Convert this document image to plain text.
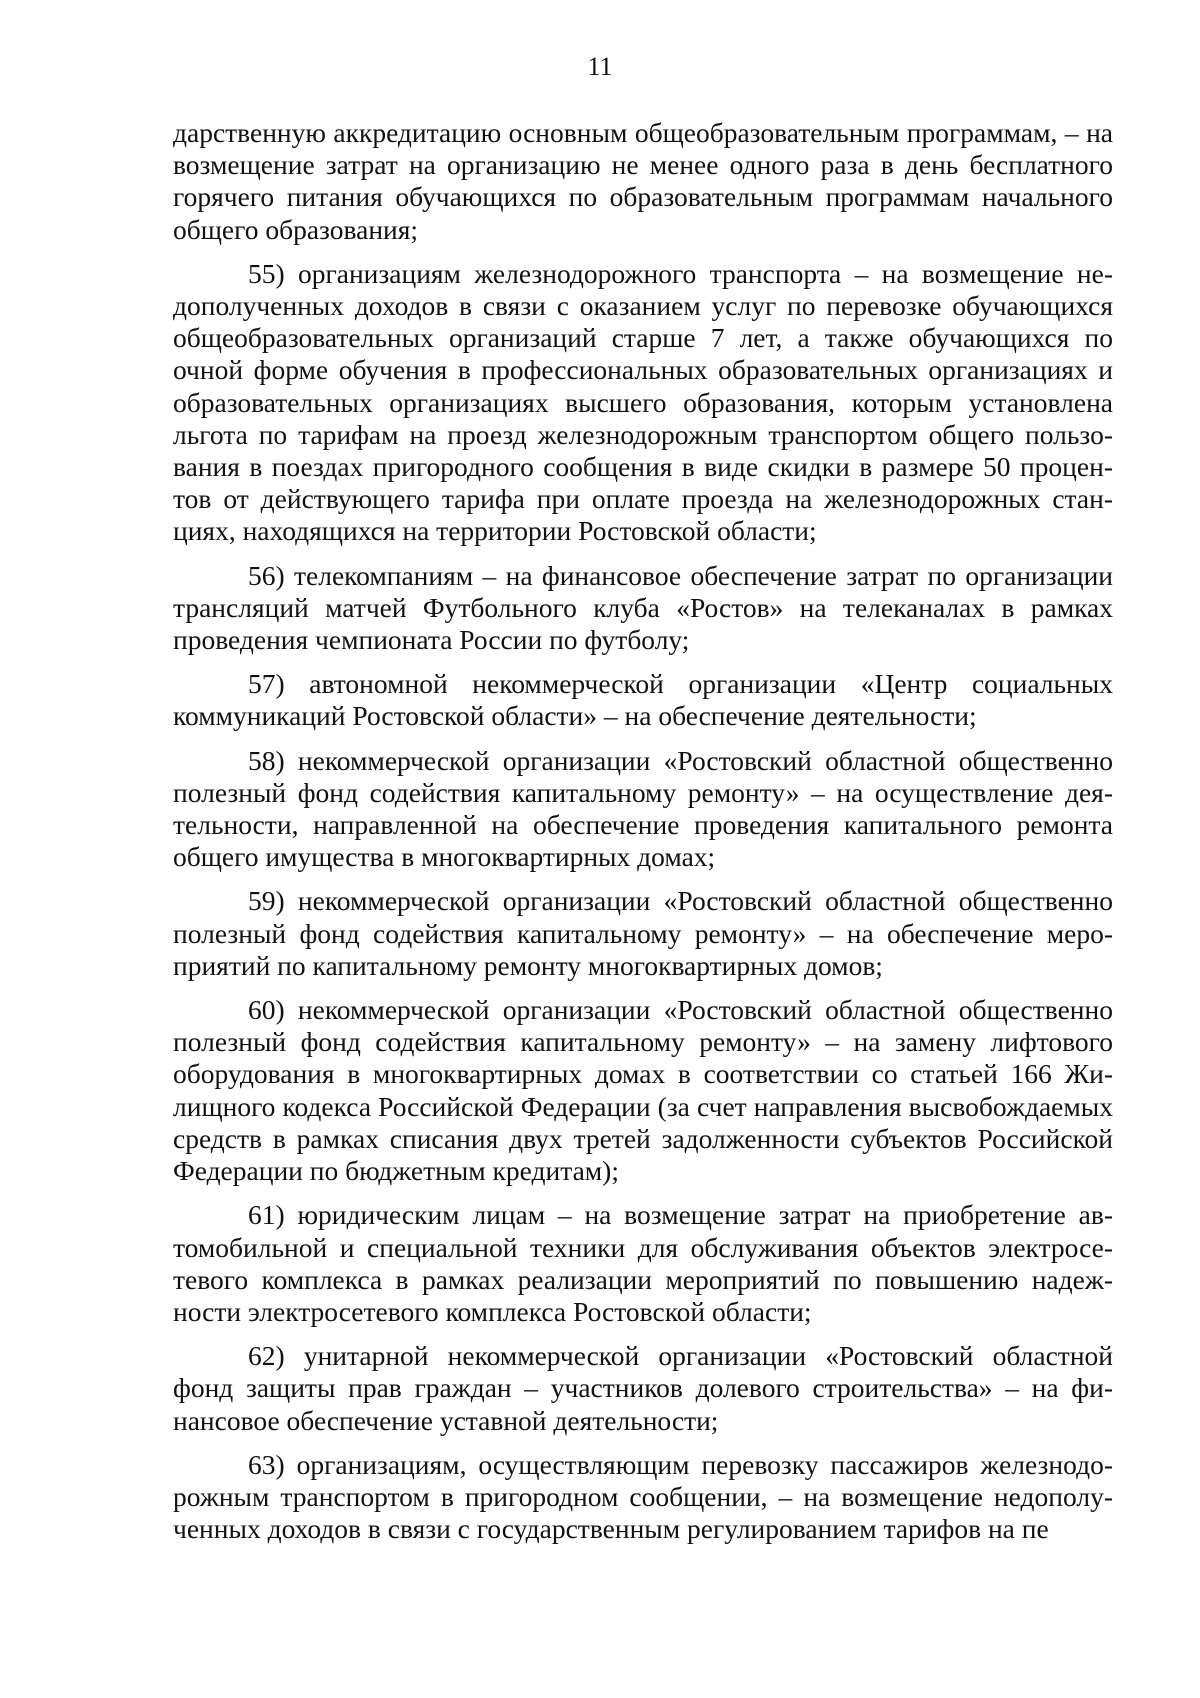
11

дарственную аккредитацию основным общеобразовательным программам, – на возмещение затрат на организацию не менее одного раза в день бесплатного горячего питания обучающихся по образовательным программам начального общего образования;

55) организациям железнодорожного транспорта – на возмещение недополученных доходов в связи с оказанием услуг по перевозке обучающихся общеобразовательных организаций старше 7 лет, а также обучающихся по очной форме обучения в профессиональных образовательных организациях и образовательных организациях высшего образования, которым установлена льгота по тарифам на проезд железнодорожным транспортом общего пользования в поездах пригородного сообщения в виде скидки в размере 50 процентов от действующего тарифа при оплате проезда на железнодорожных станциях, находящихся на территории Ростовской области;

56) телекомпаниям – на финансовое обеспечение затрат по организации трансляций матчей Футбольного клуба «Ростов» на телеканалах в рамках проведения чемпионата России по футболу;

57) автономной некоммерческой организации «Центр социальных коммуникаций Ростовской области» – на обеспечение деятельности;

58) некоммерческой организации «Ростовский областной общественно полезный фонд содействия капитальному ремонту» – на осуществление деятельности, направленной на обеспечение проведения капитального ремонта общего имущества в многоквартирных домах;

59) некоммерческой организации «Ростовский областной общественно полезный фонд содействия капитальному ремонту» – на обеспечение мероприятий по капитальному ремонту многоквартирных домов;

60) некоммерческой организации «Ростовский областной общественно полезный фонд содействия капитальному ремонту» – на замену лифтового оборудования в многоквартирных домах в соответствии со статьей 166 Жилищного кодекса Российской Федерации (за счет направления высвобождаемых средств в рамках списания двух третей задолженности субъектов Российской Федерации по бюджетным кредитам);

61) юридическим лицам – на возмещение затрат на приобретение автомобильной и специальной техники для обслуживания объектов электросетевого комплекса в рамках реализации мероприятий по повышению надежности электросетевого комплекса Ростовской области;

62) унитарной некоммерческой организации «Ростовский областной фонд защиты прав граждан – участников долевого строительства» – на финансовое обеспечение уставной деятельности;

63) организациям, осуществляющим перевозку пассажиров железнодорожным транспортом в пригородном сообщении, – на возмещение недополученных доходов в связи с государственным регулированием тарифов на пе
